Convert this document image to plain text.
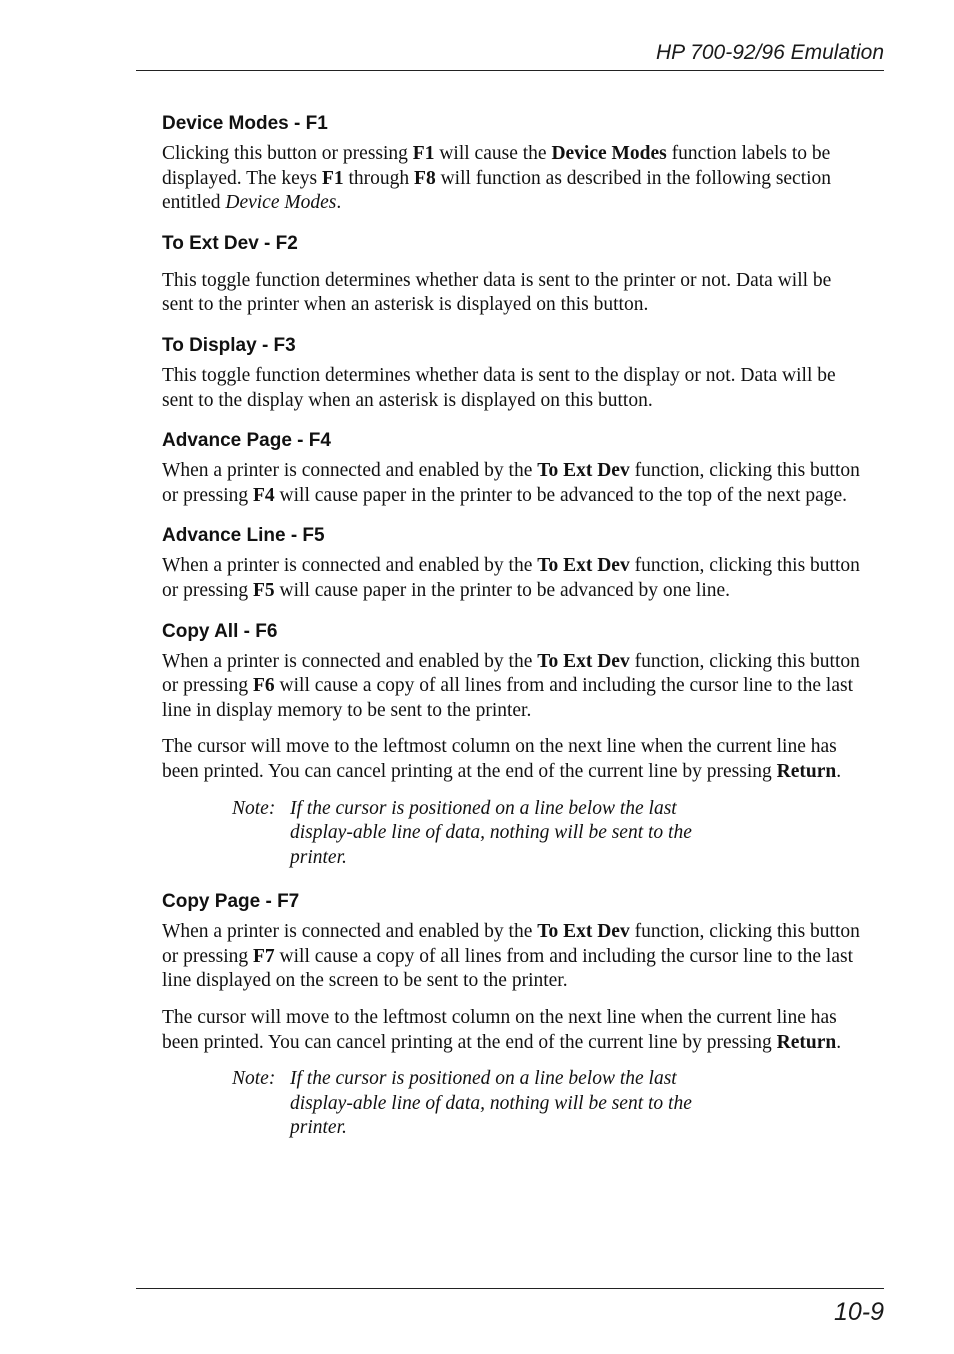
HP 700-92/96 Emulation
Device Modes - F1

Clicking this button or pressing F1 will cause the Device Modes function labels to be displayed. The keys F1 through F8 will function as described in the following section entitled Device Modes.

To Ext Dev - F2

This toggle function determines whether data is sent to the printer or not. Data will be sent to the printer when an asterisk is displayed on this button.

To Display - F3

This toggle function determines whether data is sent to the display or not. Data will be sent to the display when an asterisk is displayed on this button.

Advance Page - F4

When a printer is connected and enabled by the To Ext Dev function, clicking this button or pressing F4 will cause paper in the printer to be advanced to the top of the next page.

Advance Line - F5

When a printer is connected and enabled by the To Ext Dev function, clicking this button or pressing F5 will cause paper in the printer to be advanced by one line.

Copy All - F6

When a printer is connected and enabled by the To Ext Dev function, clicking this button or pressing F6 will cause a copy of all lines from and including the cursor line to the last line in display memory to be sent to the printer.

The cursor will move to the leftmost column on the next line when the current line has been printed. You can cancel printing at the end of the current line by pressing Return.

Note: If the cursor is positioned on a line below the last display-able line of data, nothing will be sent to the printer.
Copy Page - F7

When a printer is connected and enabled by the To Ext Dev function, clicking this button or pressing F7 will cause a copy of all lines from and including the cursor line to the last line displayed on the screen to be sent to the printer.

The cursor will move to the leftmost column on the next line when the current line has been printed. You can cancel printing at the end of the current line by pressing Return.

Note: If the cursor is positioned on a line below the last display-able line of data, nothing will be sent to the printer.
10-9
